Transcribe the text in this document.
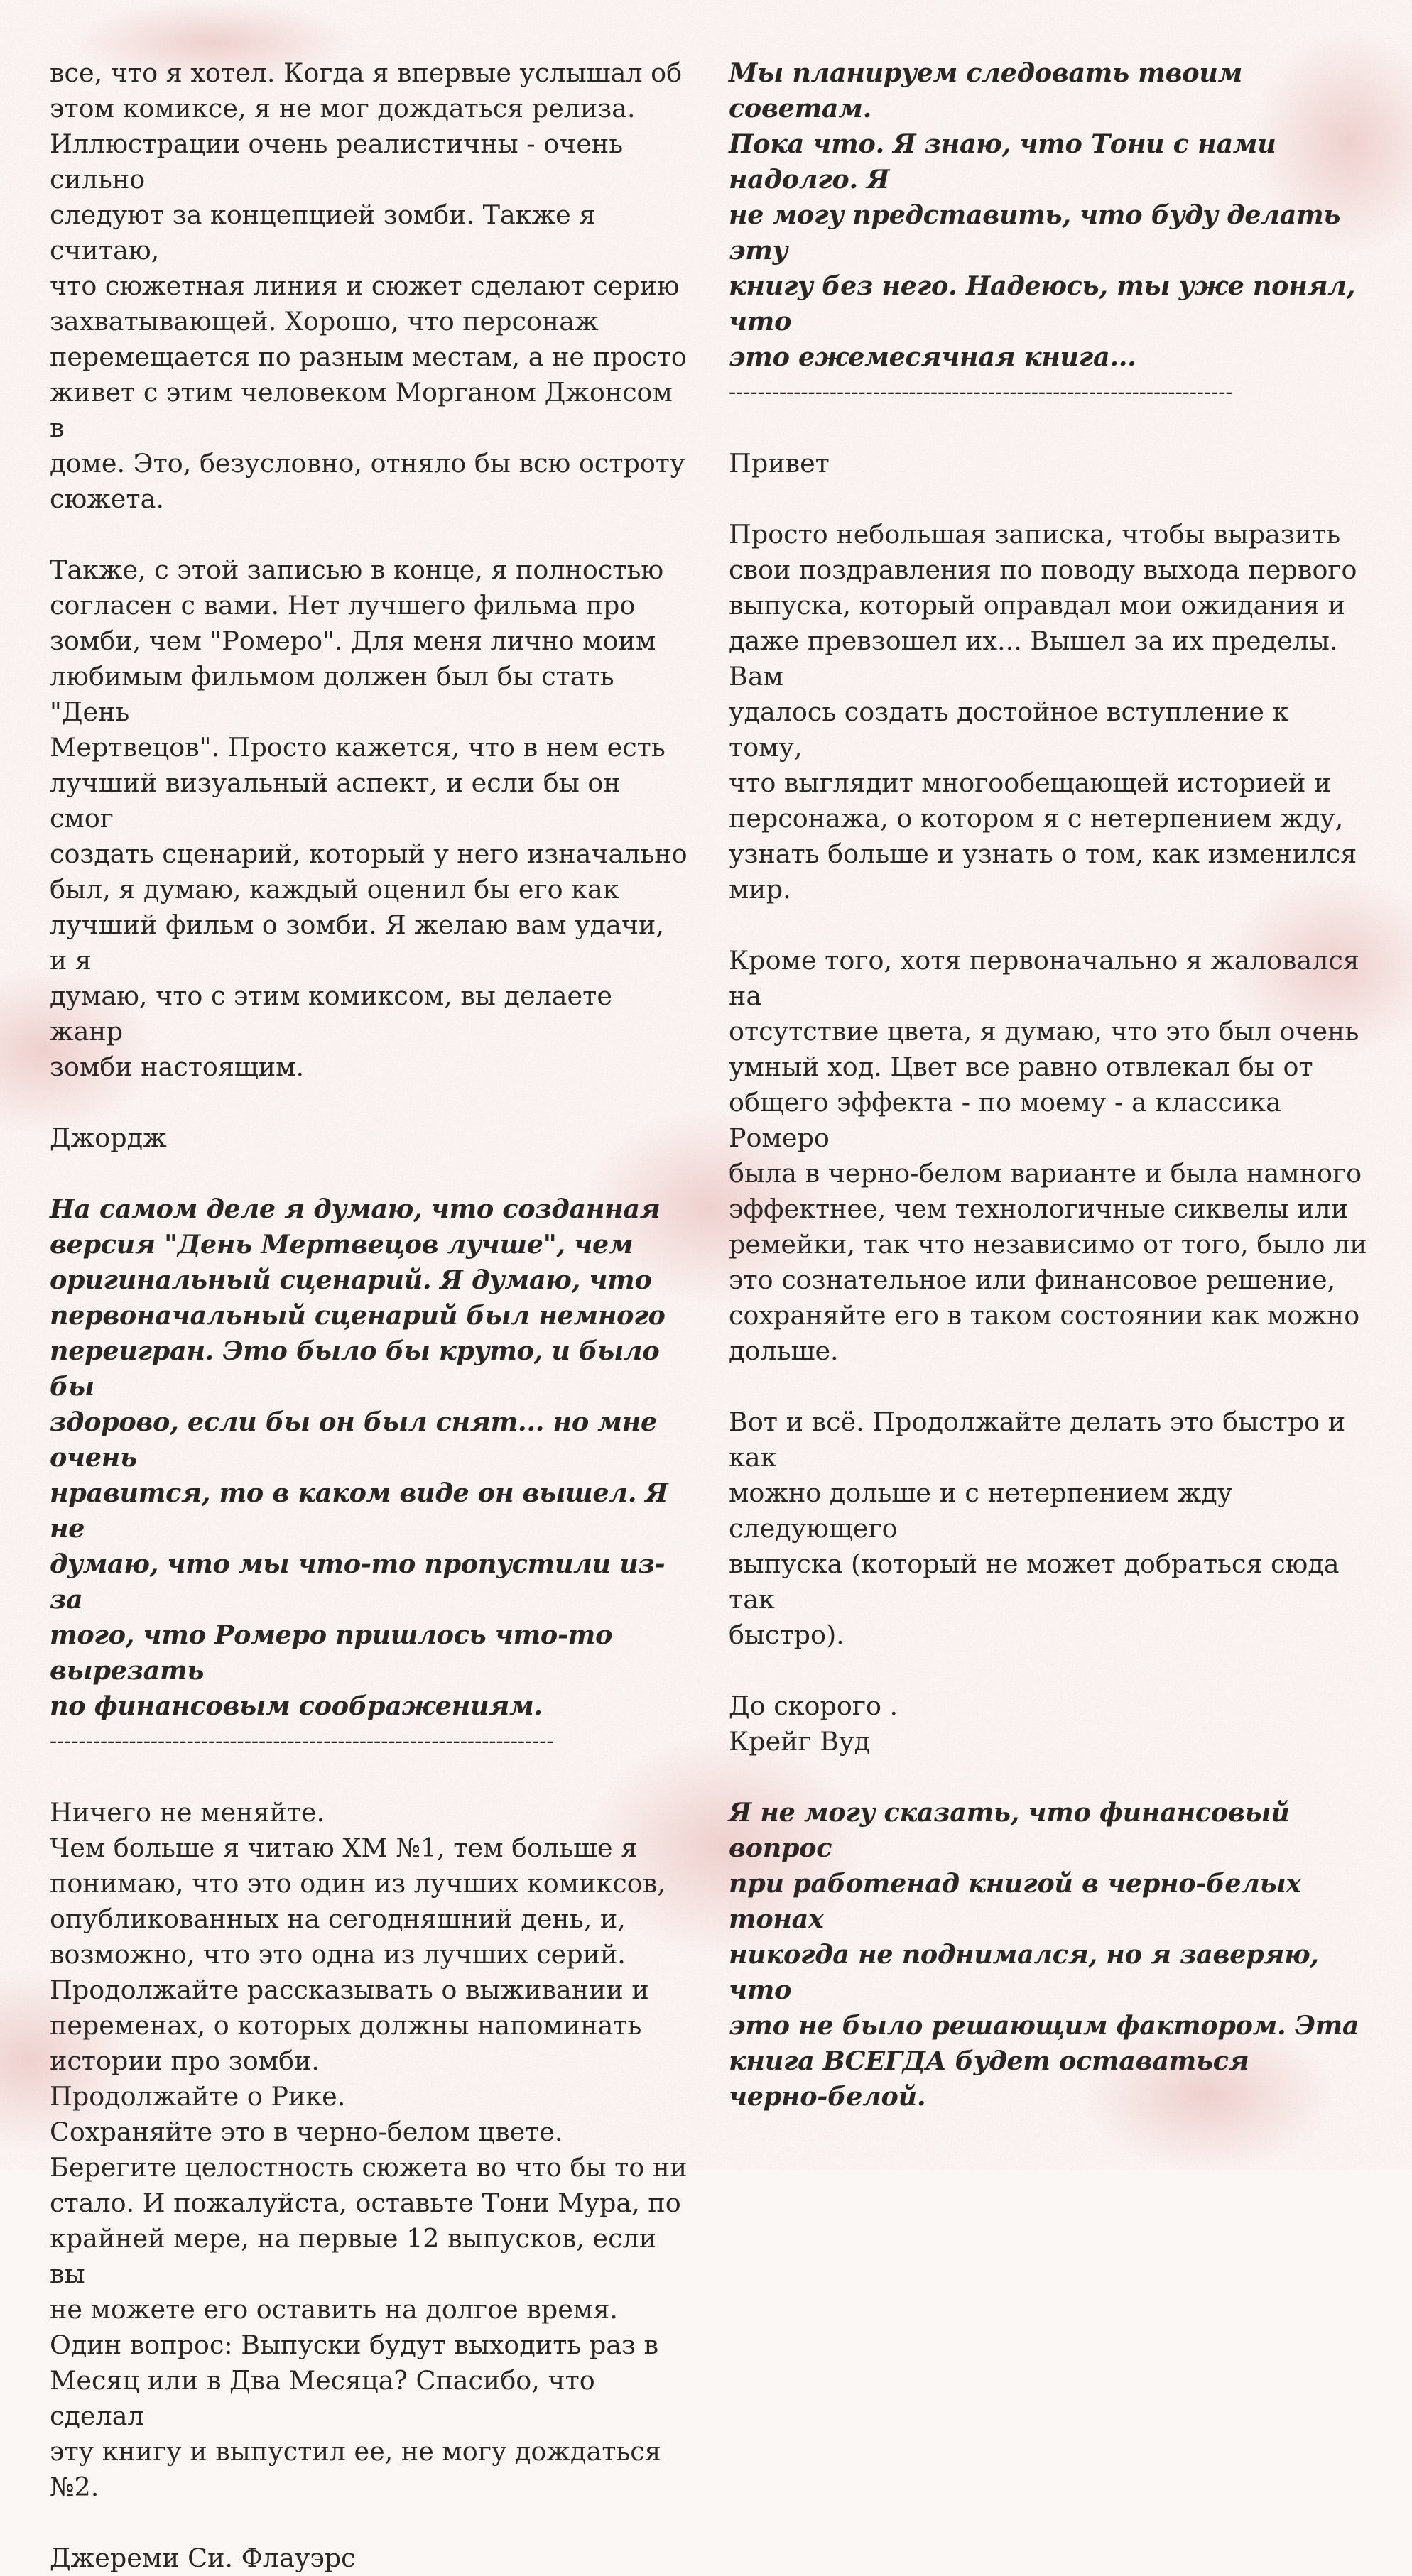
все, что я хотел. Когда я впервые услышал об
этом комиксе, я не мог дождаться релиза.
Иллюстрации очень реалистичны - очень сильно
следуют за концепцией зомби. Также я считаю,
что сюжетная линия и сюжет сделают серию
захватывающей. Хорошо, что персонаж
перемещается по разным местам, а не просто
живет с этим человеком Морганом Джонсом в
доме. Это, безусловно, отняло бы всю остроту
сюжета.

Также, с этой записью в конце, я полностью
согласен с вами. Нет лучшего фильма про
зомби, чем "Ромеро". Для меня лично моим
любимым фильмом должен был бы стать "День
Мертвецов". Просто кажется, что в нем есть
лучший визуальный аспект, и если бы он смог
создать сценарий, который у него изначально
был, я думаю, каждый оценил бы его как
лучший фильм о зомби. Я желаю вам удачи, и я
думаю, что с этим комиксом, вы делаете жанр
зомби настоящим.

Джордж

На самом деле я думаю, что созданная
версия "День Мертвецов лучше", чем
оригинальный сценарий. Я думаю, что
первоначальный сценарий был немного
переигран. Это было бы круто, и было бы
здорово, если бы он был снят... но мне очень
нравится, то в каком виде он вышел. Я не
думаю, что мы что-то пропустили из-за
того, что Ромеро пришлось что-то вырезать
по финансовым соображениям.

----------------------------------------------------------------------

Ничего не меняйте.
Чем больше я читаю ХМ №1, тем больше я
понимаю, что это один из лучших комиксов,
опубликованных на сегодняшний день, и,
возможно, что это одна из лучших серий.
Продолжайте рассказывать о выживании и
переменах, о которых должны напоминать
истории про зомби.
Продолжайте о Рике.
Сохраняйте это в черно-белом цвете.
Берегите целостность сюжета во что бы то ни
стало. И пожалуйста, оставьте Тони Мура, по
крайней мере, на первые 12 выпусков, если вы
не можете его оставить на долгое время.
Один вопрос: Выпуски будут выходить раз в
Месяц или в Два Месяца? Спасибо, что сделал
эту книгу и выпустил ее, не могу дождаться №2.

Джереми Си. Флауэрс

Мы планируем следовать твоим советам.
Пока что. Я знаю, что Тони с нами надолго. Я
не могу представить, что буду делать эту
книгу без него. Надеюсь, ты уже понял, что
это ежемесячная книга...

----------------------------------------------------------------------

Привет

Просто небольшая записка, чтобы выразить
свои поздравления по поводу выхода первого
выпуска, который оправдал мои ожидания и
даже превзошел их... Вышел за их пределы. Вам
удалось создать достойное вступление к тому,
что выглядит многообещающей историей и
персонажа, о котором я с нетерпением жду,
узнать больше и узнать о том, как изменился
мир.

Кроме того, хотя первоначально я жаловался на
отсутствие цвета, я думаю, что это был очень
умный ход. Цвет все равно отвлекал бы от
общего эффекта - по моему - а классика Ромеро
была в черно-белом варианте и была намного
эффектнее, чем технологичные сиквелы или
ремейки, так что независимо от того, было ли
это сознательное или финансовое решение,
сохраняйте его в таком состоянии как можно
дольше.

Вот и всё. Продолжайте делать это быстро и как
можно дольше и с нетерпением жду следующего
выпуска (который не может добраться сюда так
быстро).

До скорого .
Крейг Вуд

Я не могу сказать, что финансовый вопрос
при работенад книгой в черно-белых тонах
никогда не поднимался, но я заверяю, что
это не было решающим фактором. Эта
книга ВСЕГДА будет оставаться
черно-белой.
